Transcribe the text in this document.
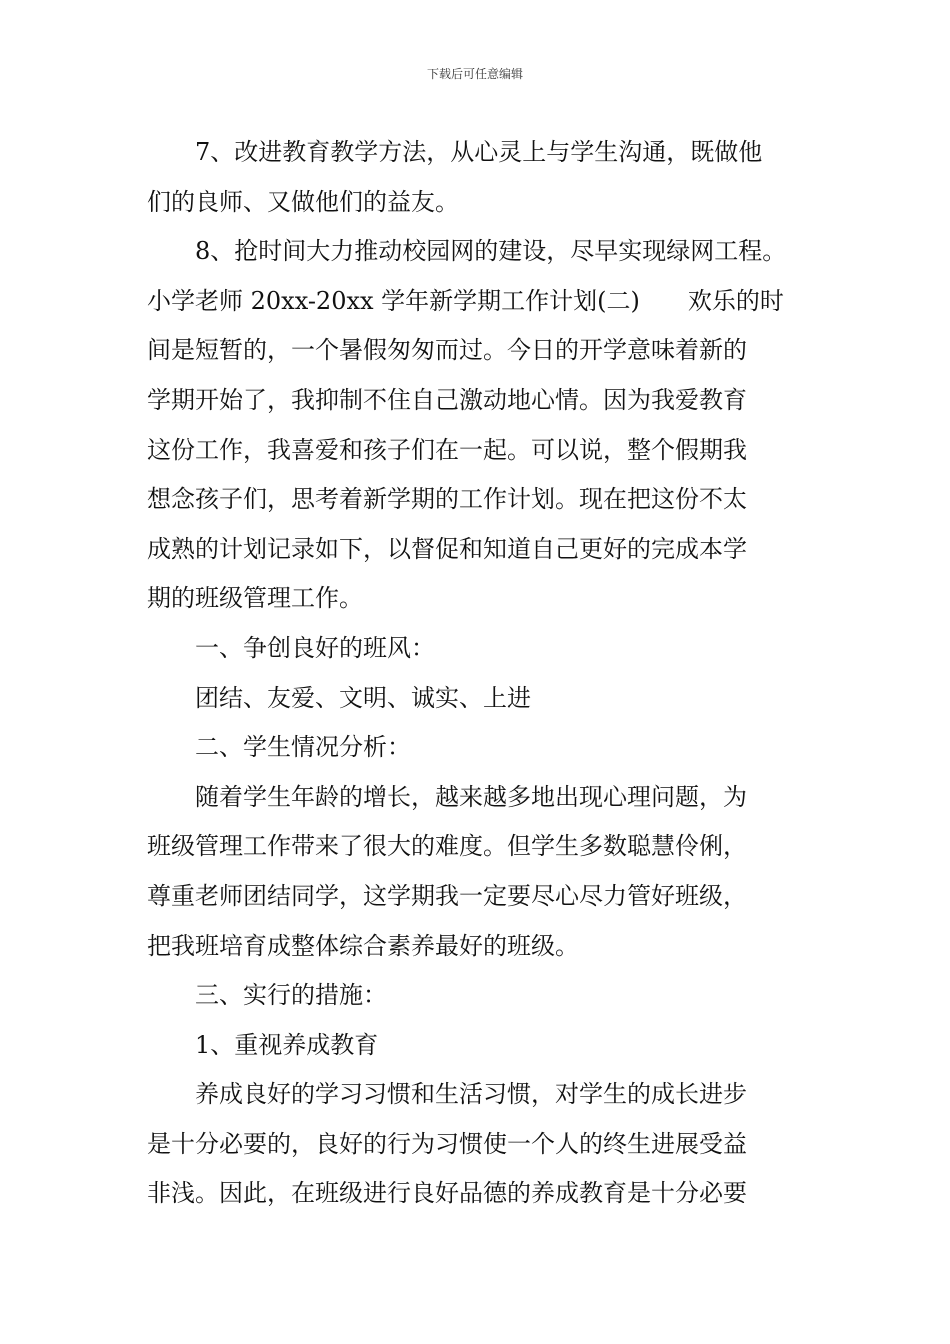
下载后可任意编辑
7、改进教育教学方法，从心灵上与学生沟通，既做他
们的良师、又做他们的益友。
8、抢时间大力推动校园网的建设，尽早实现绿网工程。
小学老师 20xx-20xx 学年新学期工作计划(二) 欢乐的时
间是短暂的，一个暑假匆匆而过。今日的开学意味着新的
学期开始了，我抑制不住自己激动地心情。因为我爱教育
这份工作，我喜爱和孩子们在一起。可以说，整个假期我
想念孩子们，思考着新学期的工作计划。现在把这份不太
成熟的计划记录如下，以督促和知道自己更好的完成本学
期的班级管理工作。
一、争创良好的班风：
团结、友爱、文明、诚实、上进
二、学生情况分析：
随着学生年龄的增长，越来越多地出现心理问题，为
班级管理工作带来了很大的难度。但学生多数聪慧伶俐，
尊重老师团结同学，这学期我一定要尽心尽力管好班级，
把我班培育成整体综合素养最好的班级。
三、实行的措施：
1、重视养成教育
养成良好的学习习惯和生活习惯，对学生的成长进步
是十分必要的，良好的行为习惯使一个人的终生进展受益
非浅。因此，在班级进行良好品德的养成教育是十分必要
